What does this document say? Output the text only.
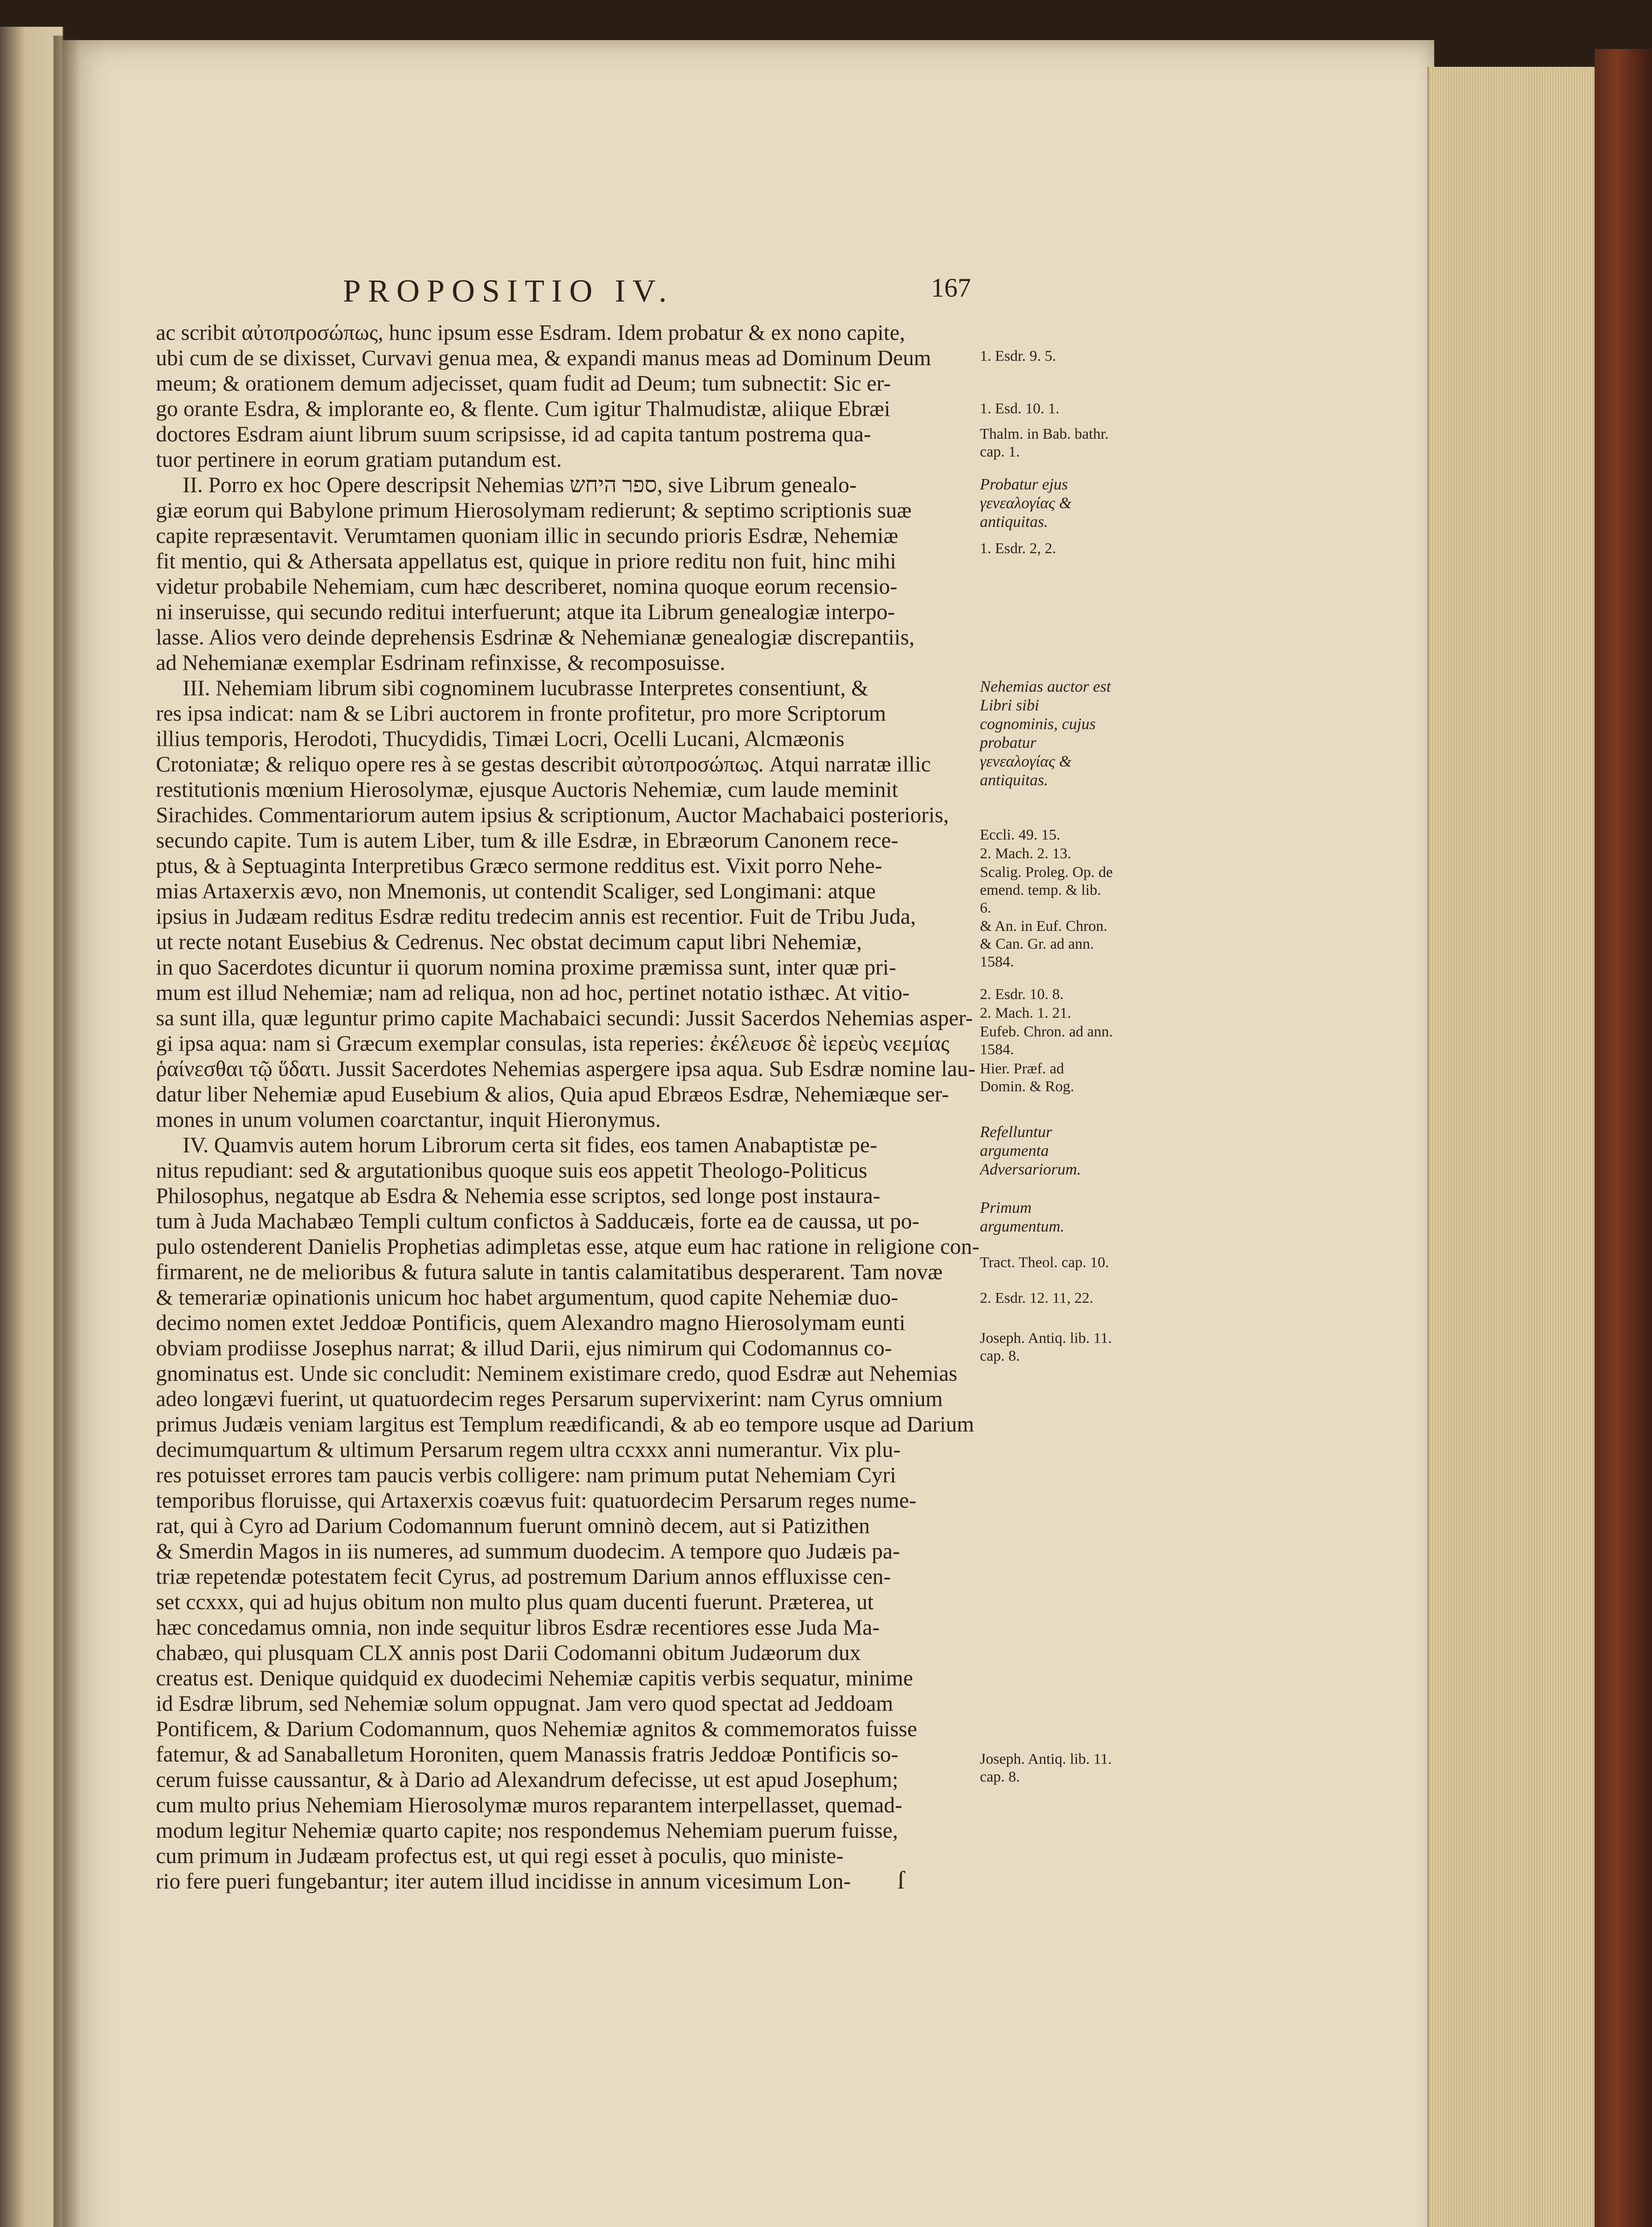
PROPOSITIO IV.	167

ac scribit αὐτοπροσώπως, hunc ipsum esse Esdram. Idem probatur & ex nono capite,

ubi cum de se dixisset, Curvavi genua mea, & expandi manus meas ad Dominum Deum

meum; & orationem demum adjecisset, quam fudit ad Deum; tum subnectit: Sic er-

go orante Esdra, & implorante eo, & flente. Cum igitur Thalmudistæ, aliique Ebræi

doctores Esdram aiunt librum suum scripsisse, id ad capita tantum postrema qua-

tuor pertinere in eorum gratiam putandum est.

II. Porro ex hoc Opere descripsit Nehemias ספר היחש, sive Librum genealo-

giæ eorum qui Babylone primum Hierosolymam redierunt; & septimo scriptionis suæ

capite repræsentavit. Verumtamen quoniam illic in secundo prioris Esdræ, Nehemiæ

fit mentio, qui & Athersata appellatus est, quique in priore reditu non fuit, hinc mihi

videtur probabile Nehemiam, cum hæc describeret, nomina quoque eorum recensio-

ni inseruisse, qui secundo reditui interfuerunt; atque ita Librum genealogiæ interpo-

lasse. Alios vero deinde deprehensis Esdrinæ & Nehemianæ genealogiæ discrepantiis,

ad Nehemianæ exemplar Esdrinam refinxisse, & recomposuisse.

III. Nehemiam librum sibi cognominem lucubrasse Interpretes consentiunt, &

res ipsa indicat: nam & se Libri auctorem in fronte profitetur, pro more Scriptorum

illius temporis, Herodoti, Thucydidis, Timæi Locri, Ocelli Lucani, Alcmæonis

Crotoniatæ; & reliquo opere res à se gestas describit αὐτοπροσώπως. Atqui narratæ illic

restitutionis mœnium Hierosolymæ, ejusque Auctoris Nehemiæ, cum laude meminit

Sirachides. Commentariorum autem ipsius & scriptionum, Auctor Machabaici posterioris,

secundo capite. Tum is autem Liber, tum & ille Esdræ, in Ebræorum Canonem rece-

ptus, & à Septuaginta Interpretibus Græco sermone redditus est. Vixit porro Nehe-

mias Artaxerxis ævo, non Mnemonis, ut contendit Scaliger, sed Longimani: atque

ipsius in Judæam reditus Esdræ reditu tredecim annis est recentior. Fuit de Tribu Juda,

ut recte notant Eusebius & Cedrenus. Nec obstat decimum caput libri Nehemiæ,

in quo Sacerdotes dicuntur ii quorum nomina proxime præmissa sunt, inter quæ pri-

mum est illud Nehemiæ; nam ad reliqua, non ad hoc, pertinet notatio isthæc. At vitio-

sa sunt illa, quæ leguntur primo capite Machabaici secundi: Jussit Sacerdos Nehemias asper-

gi ipsa aqua: nam si Græcum exemplar consulas, ista reperies: ἐκέλευσε δὲ ἱερεὺς νεεμίας

ῥαίνεσθαι τῷ ὕδατι. Jussit Sacerdotes Nehemias aspergere ipsa aqua. Sub Esdræ nomine lau-

datur liber Nehemiæ apud Eusebium & alios, Quia apud Ebræos Esdræ, Nehemiæque ser-

mones in unum volumen coarctantur, inquit Hieronymus.

IV. Quamvis autem horum Librorum certa sit fides, eos tamen Anabaptistæ pe-

nitus repudiant: sed & argutationibus quoque suis eos appetit Theologo-Politicus

Philosophus, negatque ab Esdra & Nehemia esse scriptos, sed longe post instaura-

tum à Juda Machabæo Templi cultum confictos à Sadducæis, forte ea de caussa, ut po-

pulo ostenderent Danielis Prophetias adimpletas esse, atque eum hac ratione in religione con-

firmarent, ne de melioribus & futura salute in tantis calamitatibus desperarent. Tam novæ

& temerariæ opinationis unicum hoc habet argumentum, quod capite Nehemiæ duo-

decimo nomen extet Jeddoæ Pontificis, quem Alexandro magno Hierosolymam eunti

obviam prodiisse Josephus narrat; & illud Darii, ejus nimirum qui Codomannus co-

gnominatus est. Unde sic concludit: Neminem existimare credo, quod Esdræ aut Nehemias

adeo longævi fuerint, ut quatuordecim reges Persarum supervixerint: nam Cyrus omnium

primus Judæis veniam largitus est Templum reædificandi, & ab eo tempore usque ad Darium

decimumquartum & ultimum Persarum regem ultra ccxxx anni numerantur. Vix plu-

res potuisset errores tam paucis verbis colligere: nam primum putat Nehemiam Cyri

temporibus floruisse, qui Artaxerxis coævus fuit: quatuordecim Persarum reges nume-

rat, qui à Cyro ad Darium Codomannum fuerunt omninò decem, aut si Patizithen

& Smerdin Magos in iis numeres, ad summum duodecim. A tempore quo Judæis pa-

triæ repetendæ potestatem fecit Cyrus, ad postremum Darium annos effluxisse cen-

set ccxxx, qui ad hujus obitum non multo plus quam ducenti fuerunt. Præterea, ut

hæc concedamus omnia, non inde sequitur libros Esdræ recentiores esse Juda Ma-

chabæo, qui plusquam CLX annis post Darii Codomanni obitum Judæorum dux

creatus est. Denique quidquid ex duodecimi Nehemiæ capitis verbis sequatur, minime

id Esdræ librum, sed Nehemiæ solum oppugnat. Jam vero quod spectat ad Jeddoam

Pontificem, & Darium Codomannum, quos Nehemiæ agnitos & commemoratos fuisse

fatemur, & ad Sanaballetum Horoniten, quem Manassis fratris Jeddoæ Pontificis so-

cerum fuisse caussantur, & à Dario ad Alexandrum defecisse, ut est apud Josephum;

cum multo prius Nehemiam Hierosolymæ muros reparantem interpellasset, quemad-

modum legitur Nehemiæ quarto capite; nos respondemus Nehemiam puerum fuisse,

cum primum in Judæam profectus est, ut qui regi esset à poculis, quo ministe-

rio fere pueri fungebantur; iter autem illud incidisse in annum vicesimum Lon-

1. Esdr. 9. 5.
1. Esd. 10. 1.
Thalm. in Bab. bathr. cap. 1.
Probatur ejus γενεαλογίας & antiquitas.
1. Esdr. 2, 2.
Nehemias auctor est Libri sibi cognominis, cujus probatur γενεαλογίας & antiquitas.
Eccli. 49. 15.
2. Mach. 2. 13.
Scalig. Proleg. Op. de emend. temp. & lib. 6.
& An. in Euf. Chron. & Can. Gr. ad ann. 1584.
2. Esdr. 10. 8.
2. Mach. 1. 21.
Eufeb. Chron. ad ann. 1584.
Hier. Præf. ad Domin. & Rog.
Refelluntur argumenta Adversariorum.
Primum argumentum.
Tract. Theol. cap. 10.
2. Esdr. 12. 11, 22.
Joseph. Antiq. lib. 11. cap. 8.
Joseph. Antiq. lib. 11. cap. 8.
ſ
